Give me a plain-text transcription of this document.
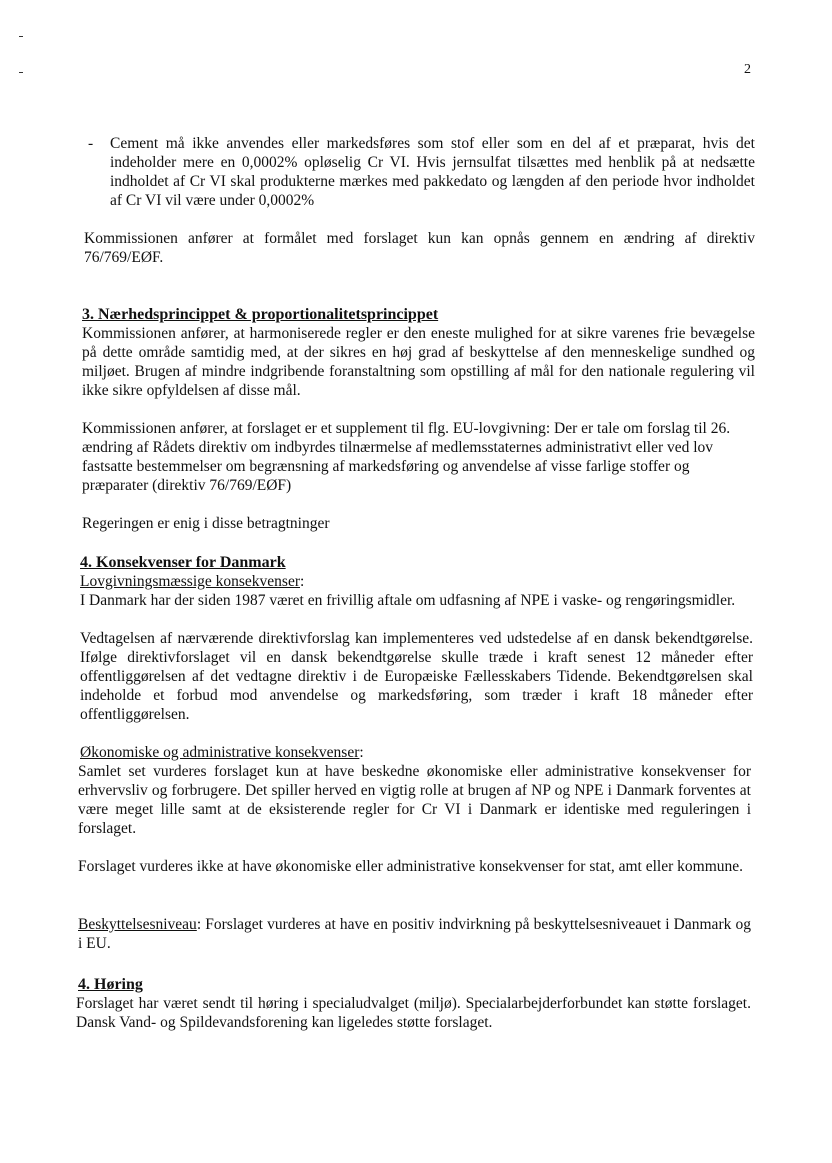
2
- Cement må ikke anvendes eller markedsføres som stof eller som en del af et præparat, hvis det indeholder mere en 0,0002% opløselig Cr VI. Hvis jernsulfat tilsættes med henblik på at nedsætte indholdet af Cr VI skal produkterne mærkes med pakkedato og længden af den periode hvor indholdet af Cr VI vil være under 0,0002%
Kommissionen anfører at formålet med forslaget kun kan opnås gennem en ændring af direktiv 76/769/EØF.
3. Nærhedsprincippet & proportionalitetsprincippet
Kommissionen anfører, at harmoniserede regler er den eneste mulighed for at sikre varenes frie bevægelse på dette område samtidig med, at der sikres en høj grad af beskyttelse af den menneskelige sundhed og miljøet. Brugen af mindre indgribende foranstaltning som opstilling af mål for den nationale regulering vil ikke sikre opfyldelsen af disse mål.
Kommissionen anfører, at forslaget er et supplement til flg. EU-lovgivning: Der er tale om forslag til 26. ændring af Rådets direktiv om indbyrdes tilnærmelse af medlemsstaternes administrativt eller ved lov fastsatte bestemmelser om begrænsning af markedsføring og anvendelse af visse farlige stoffer og præparater (direktiv 76/769/EØF)
Regeringen er enig i disse betragtninger
4. Konsekvenser for Danmark
Lovgivningsmæssige konsekvenser:
I Danmark har der siden 1987 været en frivillig aftale om udfasning af NPE i vaske- og rengøringsmidler.
Vedtagelsen af nærværende direktivforslag kan implementeres ved udstedelse af en dansk bekendtgørelse. Ifølge direktivforslaget vil en dansk bekendtgørelse skulle træde i kraft senest 12 måneder efter offentliggørelsen af det vedtagne direktiv i de Europæiske Fællesskabers Tidende. Bekendtgørelsen skal indeholde et forbud mod anvendelse og markedsføring, som træder i kraft 18 måneder efter offentliggørelsen.
Økonomiske og administrative konsekvenser:
Samlet set vurderes forslaget kun at have beskedne økonomiske eller administrative konsekvenser for erhvervsliv og forbrugere. Det spiller herved en vigtig rolle at brugen af NP og NPE i Danmark forventes at være meget lille samt at de eksisterende regler for Cr VI i Danmark er identiske med reguleringen i forslaget.
Forslaget vurderes ikke at have økonomiske eller administrative konsekvenser for stat, amt eller kommune.
Beskyttelsesniveau: Forslaget vurderes at have en positiv indvirkning på beskyttelsesniveauet i Danmark og i EU.
4. Høring
Forslaget har været sendt til høring i specialudvalget (miljø). Specialarbejderforbundet kan støtte forslaget. Dansk Vand- og Spildevandsforening kan ligeledes støtte forslaget.
